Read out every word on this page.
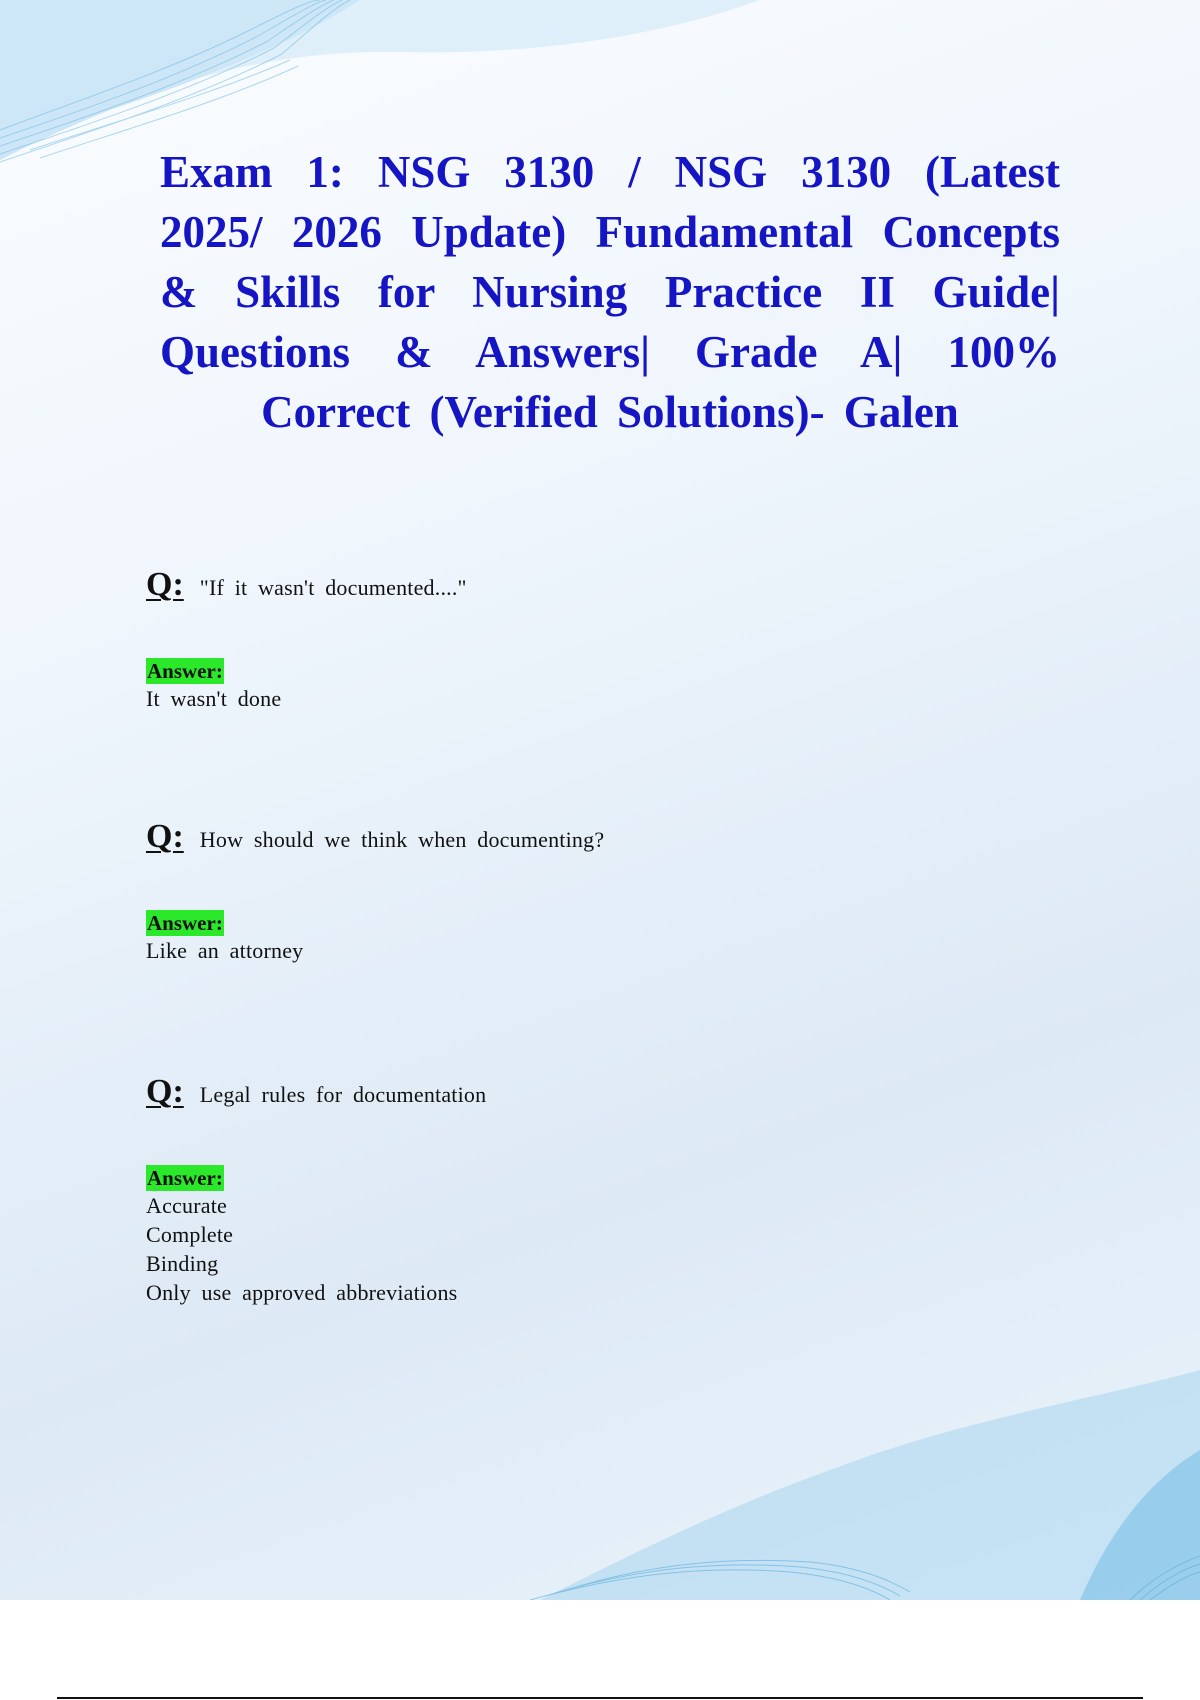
Exam 1: NSG 3130 / NSG 3130 (Latest 2025/ 2026 Update) Fundamental Concepts & Skills for Nursing Practice II Guide| Questions & Answers| Grade A| 100% Correct (Verified Solutions)- Galen
Q: "If it wasn't documented...."
Answer:
It wasn't done
Q: How should we think when documenting?
Answer:
Like an attorney
Q: Legal rules for documentation
Answer:
Accurate
Complete
Binding
Only use approved abbreviations
